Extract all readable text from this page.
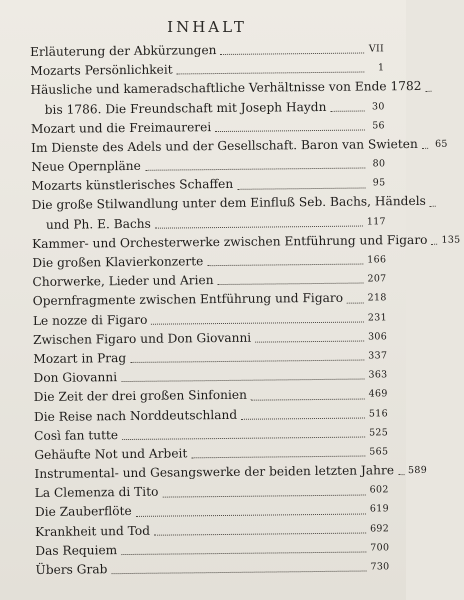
INHALT
Erläuterung der Abkürzungen	VII
Mozarts Persönlichkeit	1
Häusliche und kameradschaftliche Verhältnisse von Ende 1782
bis 1786. Die Freundschaft mit Joseph Haydn	30
Mozart und die Freimaurerei	56
Im Dienste des Adels und der Gesellschaft. Baron van Swieten	65
Neue Opernpläne	80
Mozarts künstlerisches Schaffen	95
Die große Stilwandlung unter dem Einfluß Seb. Bachs, Händels
und Ph. E. Bachs	117
Kammer- und Orchesterwerke zwischen Entführung und Figaro 135
Die großen Klavierkonzerte	166
Chorwerke, Lieder und Arien	207
Opernfragmente zwischen Entführung und Figaro	218
Le nozze di Figaro	231
Zwischen Figaro und Don Giovanni	306
Mozart in Prag	337
Don Giovanni	363
Die Zeit der drei großen Sinfonien	469
Die Reise nach Norddeutschland	516
Così fan tutte	525
Gehäufte Not und Arbeit	565
Instrumental- und Gesangswerke der beiden letzten Jahre 589
La Clemenza di Tito	602
Die Zauberflöte	619
Krankheit und Tod	692
Das Requiem	700
Übers Grab	730
